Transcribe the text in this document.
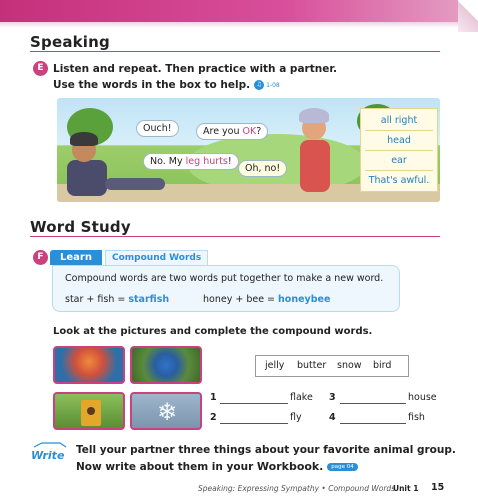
Speaking
E Listen and repeat. Then practice with a partner.
Use the words in the box to help. ♫ 1-08
Ouch!	Are you OK?
No. My leg hurts!
Oh, no!
all right
head
ear
That's awful.
Word Study
F	Learn	Compound Words
Compound words are two words put together to make a new word.
star + fish = starfish	honey + bee = honeybee
Look at the pictures and complete the compound words.
❄
jelly butter snow bird
1	flake 3	house
2	fly	4	fish
Write Tell your partner three things about your favorite animal group.
Now write about them in your Workbook. page 04
Speaking: Expressing Sympathy • Compound Words
Unit 1 15
